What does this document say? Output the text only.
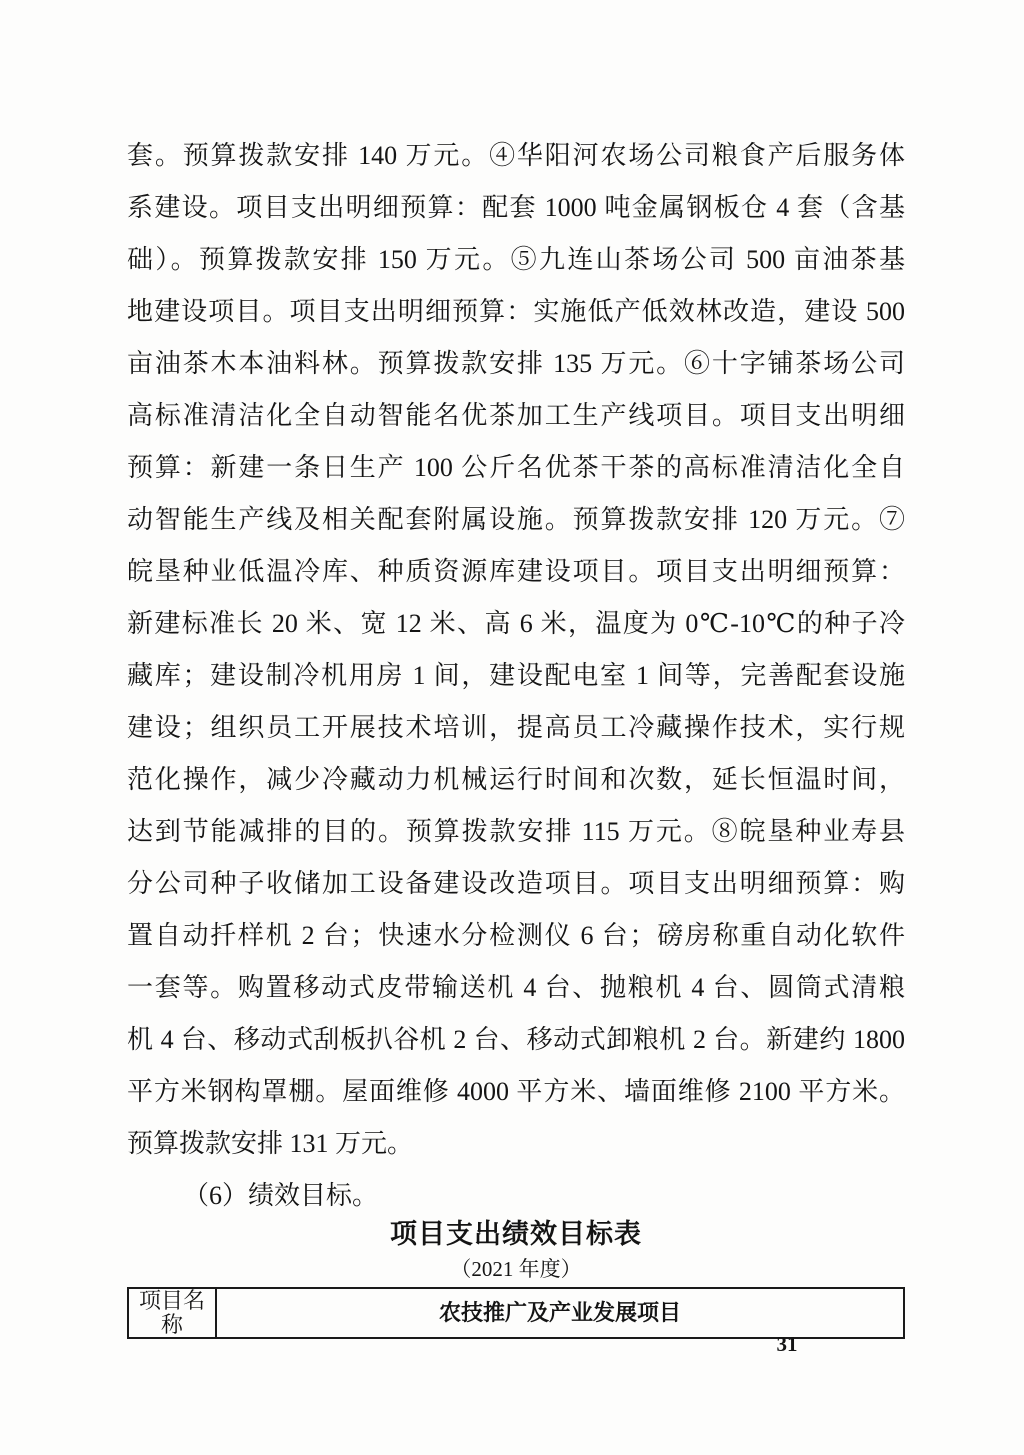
套。预算拨款安排 140 万元。④华阳河农场公司粮食产后服务体
系建设。项目支出明细预算：配套 1000 吨金属钢板仓 4 套（含基
础）。预算拨款安排 150 万元。⑤九连山茶场公司 500 亩油茶基
地建设项目。项目支出明细预算：实施低产低效林改造，建设 500
亩油茶木本油料林。预算拨款安排 135 万元。⑥十字铺茶场公司
高标准清洁化全自动智能名优茶加工生产线项目。项目支出明细
预算：新建一条日生产 100 公斤名优茶干茶的高标准清洁化全自
动智能生产线及相关配套附属设施。预算拨款安排 120 万元。⑦
皖垦种业低温冷库、种质资源库建设项目。项目支出明细预算：
新建标准长 20 米、宽 12 米、高 6 米，温度为 0℃-10℃的种子冷
藏库；建设制冷机用房 1 间，建设配电室 1 间等，完善配套设施
建设；组织员工开展技术培训，提高员工冷藏操作技术，实行规
范化操作，减少冷藏动力机械运行时间和次数，延长恒温时间，
达到节能减排的目的。预算拨款安排 115 万元。⑧皖垦种业寿县
分公司种子收储加工设备建设改造项目。项目支出明细预算：购
置自动扦样机 2 台；快速水分检测仪 6 台；磅房称重自动化软件
一套等。购置移动式皮带输送机 4 台、抛粮机 4 台、圆筒式清粮
机 4 台、移动式刮板扒谷机 2 台、移动式卸粮机 2 台。新建约 1800
平方米钢构罩棚。屋面维修 4000 平方米、墙面维修 2100 平方米。
预算拨款安排 131 万元。
（6）绩效目标。
项目支出绩效目标表
（2021 年度）
项目名称	农技推广及产业发展项目
31
